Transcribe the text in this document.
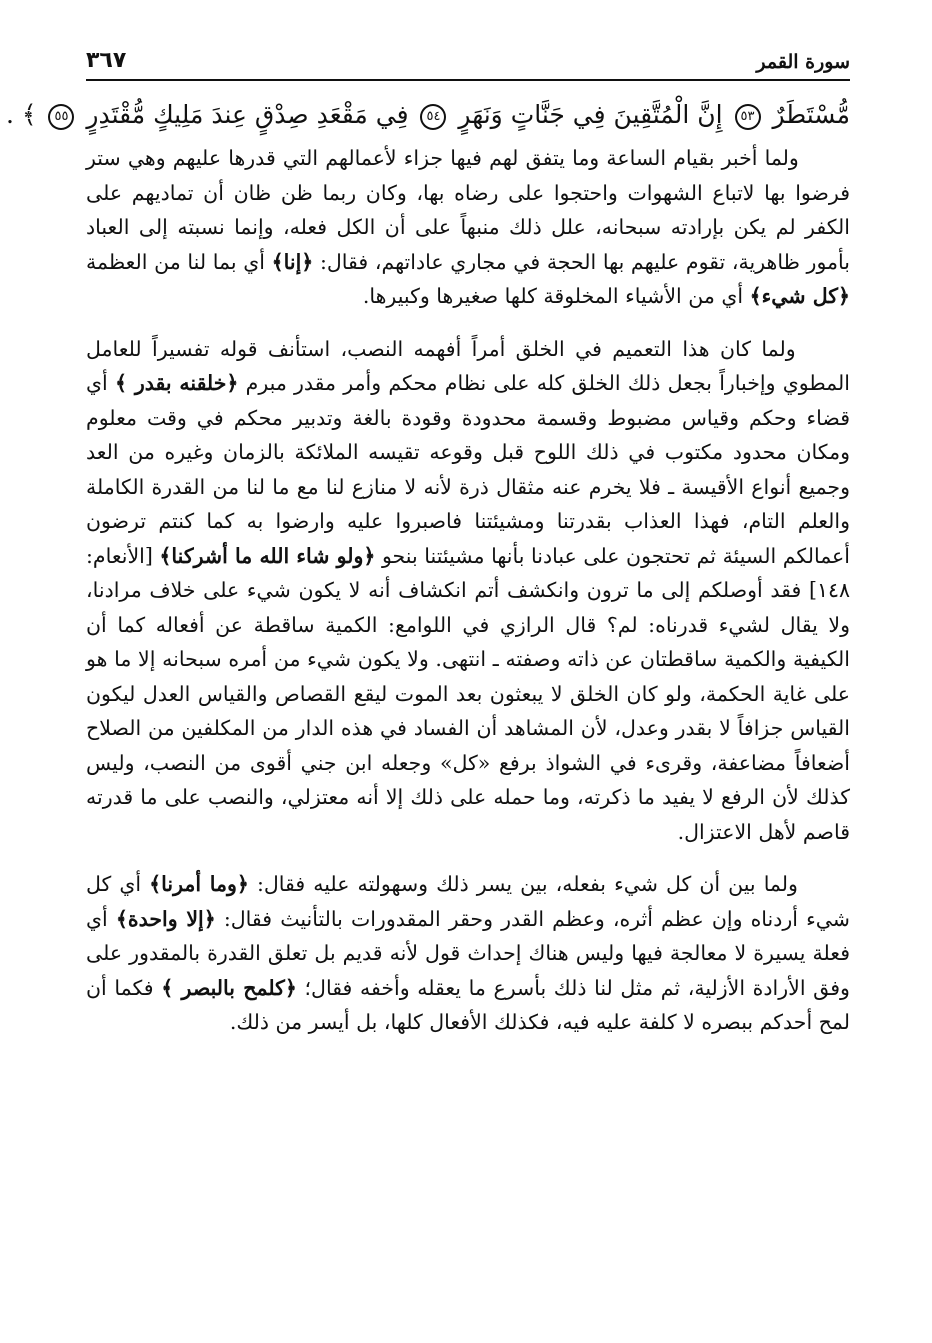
سورة القمر
٣٦٧
مُّسْتَطَرٌ ٥٣ إِنَّ الْمُتَّقِينَ فِي جَنَّاتٍ وَنَهَرٍ ٥٤ فِي مَقْعَدِ صِدْقٍ عِندَ مَلِيكٍ مُّقْتَدِرٍ ٥٥ ﴾ .

ولما أخبر بقيام الساعة وما يتفق لهم فيها جزاء لأعمالهم التي قدرها عليهم وهي ستر فرضوا بها لاتباع الشهوات واحتجوا على رضاه بها، وكان ربما ظن ظان أن تماديهم على الكفر لم يكن بإرادته سبحانه، علل ذلك منبهاً على أن الكل فعله، وإنما نسبته إلى العباد بأمور ظاهرية، تقوم عليهم بها الحجة في مجاري عاداتهم، فقال: ﴿إنا﴾ أي بما لنا من العظمة ﴿كل شيء﴾ أي من الأشياء المخلوقة كلها صغيرها وكبيرها.

ولما كان هذا التعميم في الخلق أمراً أفهمه النصب، استأنف قوله تفسيراً للعامل المطوي وإخباراً بجعل ذلك الخلق كله على نظام محكم وأمر مقدر مبرم ﴿خلقنه بقدر ﴾ أي قضاء وحكم وقياس مضبوط وقسمة محدودة وقودة بالغة وتدبير محكم في وقت معلوم ومكان محدود مكتوب في ذلك اللوح قبل وقوعه تقيسه الملائكة بالزمان وغيره من العد وجميع أنواع الأقيسة ـ فلا يخرم عنه مثقال ذرة لأنه لا منازع لنا مع ما لنا من القدرة الكاملة والعلم التام، فهذا العذاب بقدرتنا ومشيئتنا فاصبروا عليه وارضوا به كما كنتم ترضون أعمالكم السيئة ثم تحتجون على عبادنا بأنها مشيئتنا بنحو ﴿ولو شاء الله ما أشركنا﴾ [الأنعام: ١٤٨] فقد أوصلكم إلى ما ترون وانكشف أتم انكشاف أنه لا يكون شيء على خلاف مرادنا، ولا يقال لشيء قدرناه: لم؟ قال الرازي في اللوامع: الكمية ساقطة عن أفعاله كما أن الكيفية والكمية ساقطتان عن ذاته وصفته ـ انتهى. ولا يكون شيء من أمره سبحانه إلا ما هو على غاية الحكمة، ولو كان الخلق لا يبعثون بعد الموت ليقع القصاص والقياس العدل ليكون القياس جزافاً لا بقدر وعدل، لأن المشاهد أن الفساد في هذه الدار من المكلفين من الصلاح أضعافاً مضاعفة، وقرىء في الشواذ برفع «كل» وجعله ابن جني أقوى من النصب، وليس كذلك لأن الرفع لا يفيد ما ذكرته، وما حمله على ذلك إلا أنه معتزلي، والنصب على ما قدرته قاصم لأهل الاعتزال.

ولما بين أن كل شيء بفعله، بين يسر ذلك وسهولته عليه فقال: ﴿وما أمرنا﴾ أي كل شيء أردناه وإن عظم أثره، وعظم القدر وحقر المقدورات بالتأنيث فقال: ﴿إلا واحدة﴾ أي فعلة يسيرة لا معالجة فيها وليس هناك إحداث قول لأنه قديم بل تعلق القدرة بالمقدور على وفق الأرادة الأزلية، ثم مثل لنا ذلك بأسرع ما يعقله وأخفه فقال؛ ﴿كلمح بالبصر ﴾ فكما أن لمح أحدكم ببصره لا كلفة عليه فيه، فكذلك الأفعال كلها، بل أيسر من ذلك.
